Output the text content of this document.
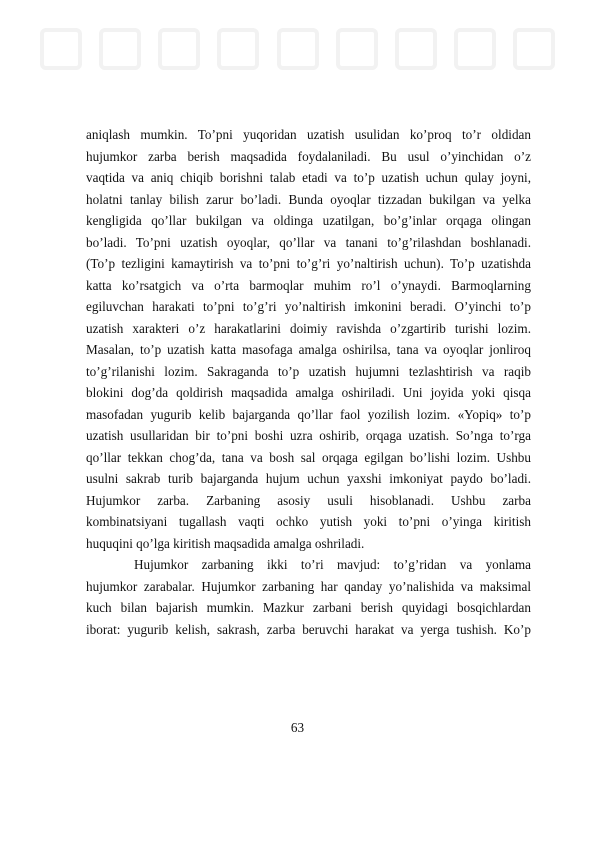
aniqlash mumkin. To’pni yuqoridan uzatish usulidan ko’proq to’r oldidan
hujumkor zarba berish maqsadida foydalaniladi. Bu usul o’yinchidan o’z
vaqtida va aniq chiqib borishni talab etadi va to’p uzatish uchun qulay joyni,
holatni tanlay bilish zarur bo’ladi. Bunda oyoqlar tizzadan bukilgan va yelka
kengligida qo’llar bukilgan va oldinga uzatilgan, bo’g’inlar orqaga olingan
bo’ladi. To’pni uzatish oyoqlar, qo’llar va tanani to’g’rilashdan boshlanadi.
(To’p tezligini kamaytirish va to’pni to’g’ri yo’naltirish uchun). To’p uzatishda
katta ko’rsatgich va o’rta barmoqlar muhim ro’l o’ynaydi. Barmoqlarning
egiluvchan harakati to’pni to’g’ri yo’naltirish imkonini beradi. O’yinchi to’p
uzatish xarakteri o’z harakatlarini doimiy ravishda o’zgartirib turishi lozim.
Masalan, to’p uzatish katta masofaga amalga oshirilsa, tana va oyoqlar jonliroq
to’g’rilanishi lozim. Sakraganda to’p uzatish hujumni tezlashtirish va raqib
blokini dog’da qoldirish maqsadida amalga oshiriladi. Uni joyida yoki qisqa
masofadan yugurib kelib bajarganda qo’llar faol yozilish lozim. «Yopiq» to’p
uzatish usullaridan bir to’pni boshi uzra oshirib, orqaga uzatish. So’nga to’rga
qo’llar tekkan chog’da, tana va bosh sal orqaga egilgan bo’lishi lozim. Ushbu
usulni sakrab turib bajarganda hujum uchun yaxshi imkoniyat paydo bo’ladi.
Hujumkor zarba. Zarbaning asosiy usuli hisoblanadi. Ushbu zarba
kombinatsiyani tugallash vaqti ochko yutish yoki to’pni o’yinga kiritish
huquqini qo’lga kiritish maqsadida amalga oshriladi.
Hujumkor zarbaning ikki to’ri mavjud: to’g’ridan va yonlama
hujumkor zarabalar. Hujumkor zarbaning har qanday yo’nalishida va maksimal
kuch bilan bajarish mumkin. Mazkur zarbani berish quyidagi bosqichlardan
iborat: yugurib kelish, sakrash, zarba beruvchi harakat va yerga tushish. Ko’p
63
